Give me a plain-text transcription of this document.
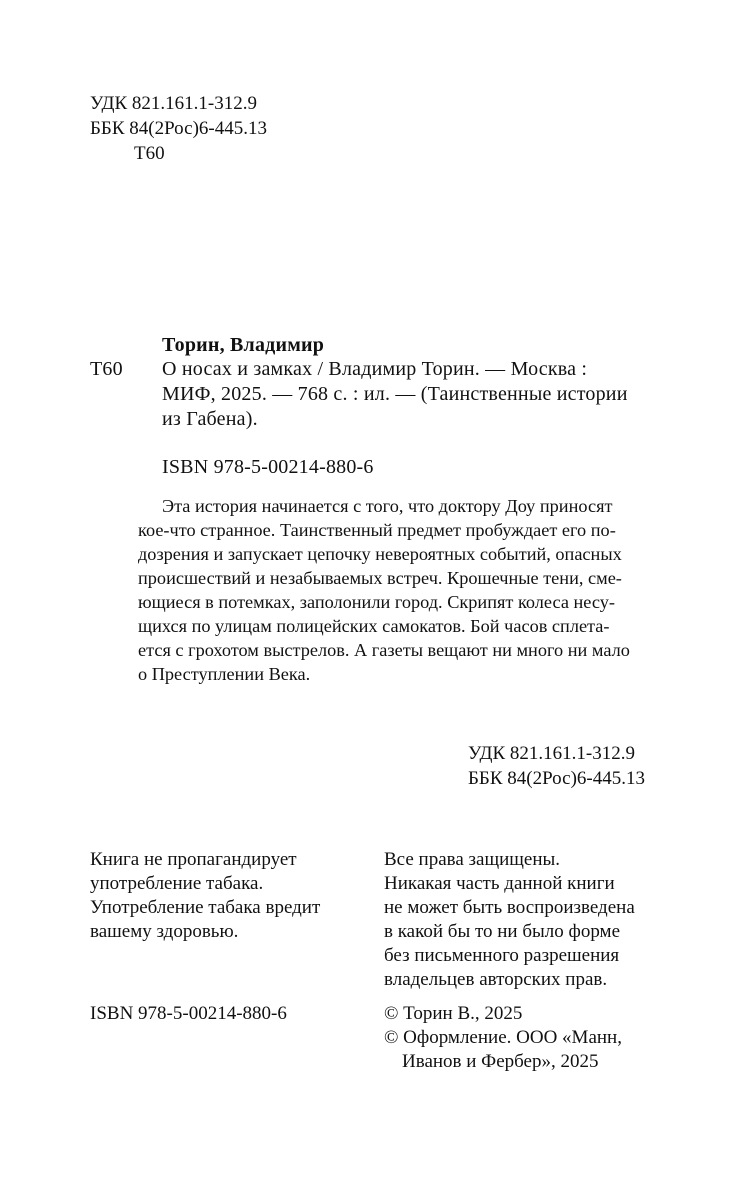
УДК 821.161.1-312.9
ББК 84(2Рос)6-445.13
Т60
Торин, Владимир
Т60 О носах и замках / Владимир Торин. — Москва :
МИФ, 2025. — 768 с. : ил. — (Таинственные истории
из Габена).
ISBN 978-5-00214-880-6
Эта история начинается с того, что доктору Доу приносят
кое-что странное. Таинственный предмет пробуждает его по-
дозрения и запускает цепочку невероятных событий, опасных
происшествий и незабываемых встреч. Крошечные тени, сме-
ющиеся в потемках, заполонили город. Скрипят колеса несу-
щихся по улицам полицейских самокатов. Бой часов сплета-
ется с грохотом выстрелов. А газеты вещают ни много ни мало
о Преступлении Века.
УДК 821.161.1-312.9
ББК 84(2Рос)6-445.13
Книга не пропагандирует
употребление табака.
Употребление табака вредит
вашему здоровью.
Все права защищены.
Никакая часть данной книги
не может быть воспроизведена
в какой бы то ни было форме
без письменного разрешения
владельцев авторских прав.
ISBN 978-5-00214-880-6	© Торин В., 2025
© Оформление. ООО «Манн,
Иванов и Фербер», 2025
